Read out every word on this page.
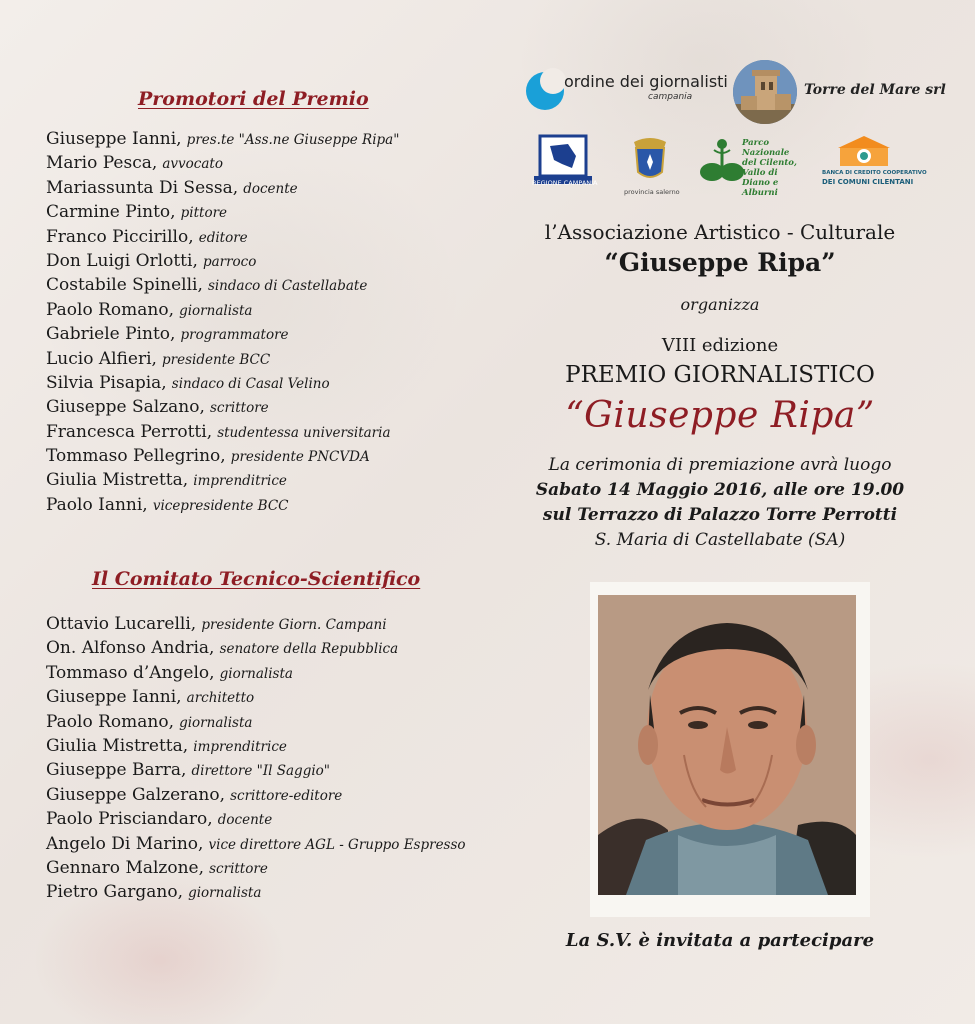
Promotori del Premio
Giuseppe Ianni, pres.te "Ass.ne Giuseppe Ripa"
Mario Pesca, avvocato
Mariassunta Di Sessa, docente
Carmine Pinto, pittore
Franco Piccirillo, editore
Don Luigi Orlotti, parroco
Costabile Spinelli, sindaco di Castellabate
Paolo Romano, giornalista
Gabriele Pinto, programmatore
Lucio Alfieri, presidente BCC
Silvia Pisapia, sindaco di Casal Velino
Giuseppe Salzano, scrittore
Francesca Perrotti, studentessa universitaria
Tommaso Pellegrino, presidente PNCVDA
Giulia Mistretta, imprenditrice
Paolo Ianni, vicepresidente BCC
Il Comitato Tecnico-Scientifico
Ottavio Lucarelli, presidente Giorn. Campani
On. Alfonso Andria, senatore della Repubblica
Tommaso d’Angelo, giornalista
Giuseppe Ianni, architetto
Paolo Romano, giornalista
Giulia Mistretta, imprenditrice
Giuseppe Barra, direttore "Il Saggio"
Giuseppe Galzerano, scrittore-editore
Paolo Prisciandaro, docente
Angelo Di Marino, vice direttore AGL - Gruppo Espresso
Gennaro Malzone, scrittore
Pietro Gargano, giornalista
ordine dei giornalisti
campania	Torre del Mare srl
REGIONE CAMPANIA
provincia salerno
Parco Nazionale del Cilento, Vallo di Diano e Alburni
BANCA DI CREDITO COOPERATIVO
DEI COMUNI CILENTANI
l’Associazione Artistico - Culturale
“Giuseppe Ripa”
organizza
VIII edizione
PREMIO GIORNALISTICO
“Giuseppe Ripa”
La cerimonia di premiazione avrà luogo
Sabato 14 Maggio 2016, alle ore 19.00
sul Terrazzo di Palazzo Torre Perrotti
S. Maria di Castellabate (SA)
La S.V. è invitata a partecipare
